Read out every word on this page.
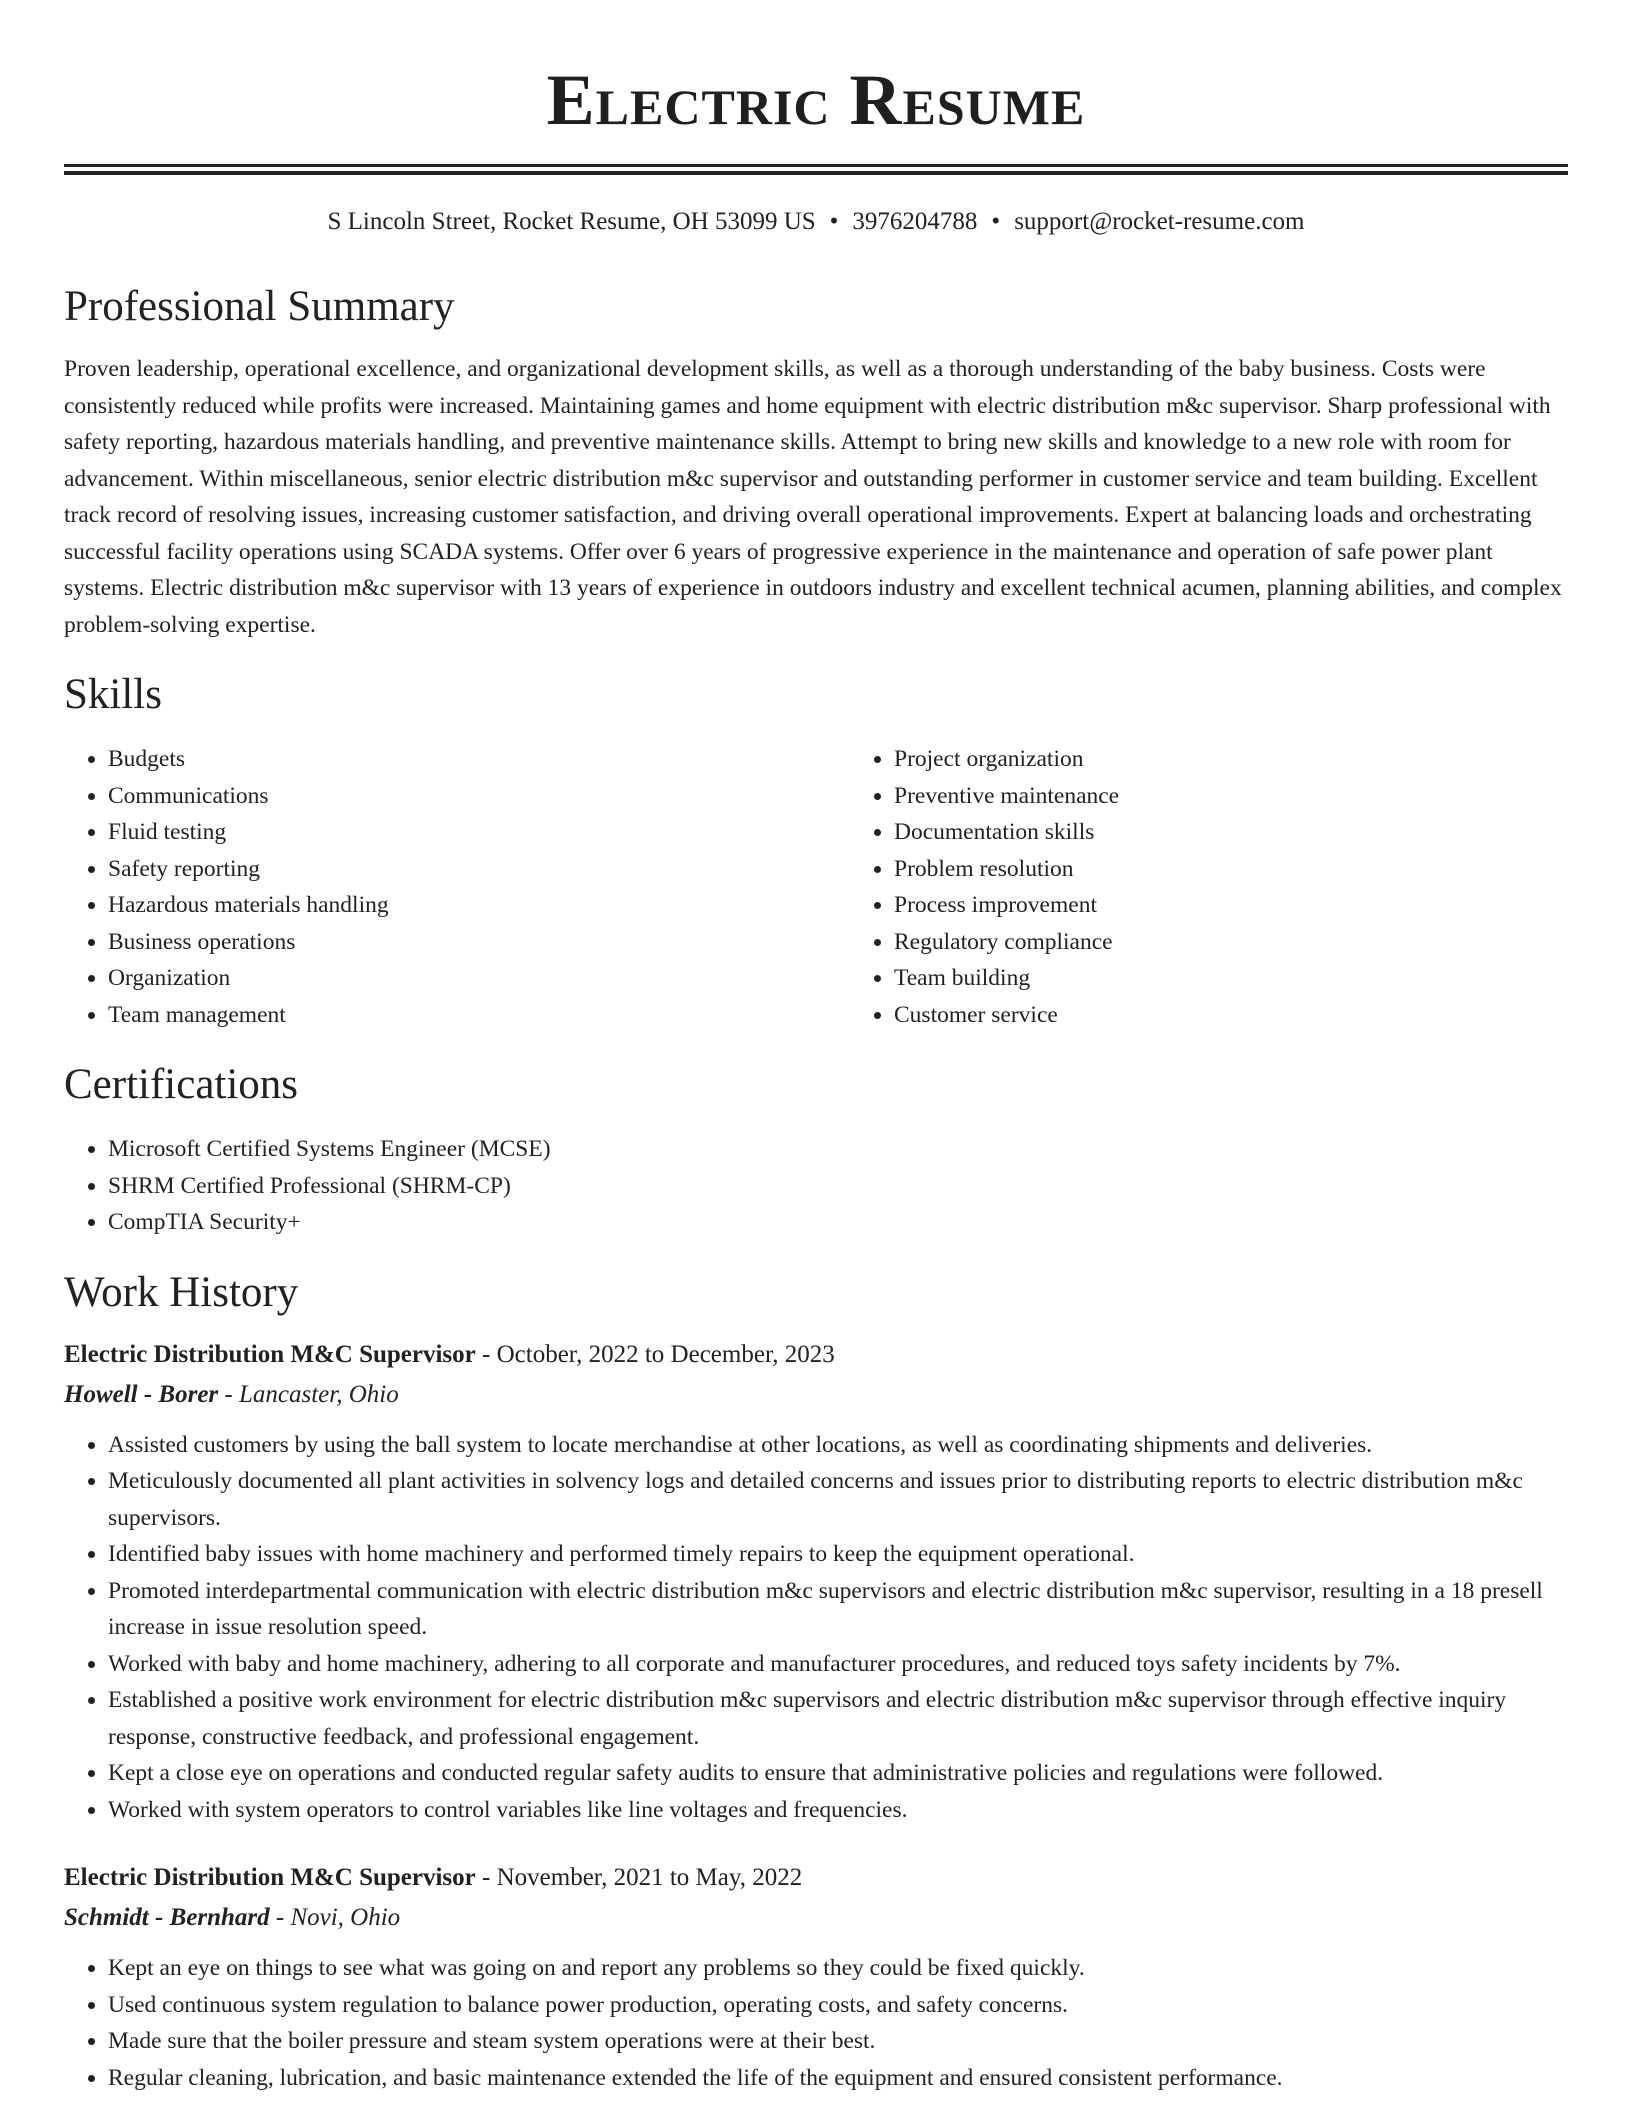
Electric Resume
S Lincoln Street, Rocket Resume, OH 53099 US • 3976204788 • support@rocket-resume.com
Professional Summary

Proven leadership, operational excellence, and organizational development skills, as well as a thorough understanding of the baby business. Costs were consistently reduced while profits were increased. Maintaining games and home equipment with electric distribution m&c supervisor. Sharp professional with safety reporting, hazardous materials handling, and preventive maintenance skills. Attempt to bring new skills and knowledge to a new role with room for advancement. Within miscellaneous, senior electric distribution m&c supervisor and outstanding performer in customer service and team building. Excellent track record of resolving issues, increasing customer satisfaction, and driving overall operational improvements. Expert at balancing loads and orchestrating successful facility operations using SCADA systems. Offer over 6 years of progressive experience in the maintenance and operation of safe power plant systems. Electric distribution m&c supervisor with 13 years of experience in outdoors industry and excellent technical acumen, planning abilities, and complex problem-solving expertise.

Skills
• Budgets
• Communications
• Fluid testing
• Safety reporting
• Hazardous materials handling
• Business operations
• Organization
• Team management
• Project organization
• Preventive maintenance
• Documentation skills
• Problem resolution
• Process improvement
• Regulatory compliance
• Team building
• Customer service
Certifications
• Microsoft Certified Systems Engineer (MCSE)
• SHRM Certified Professional (SHRM-CP)
• CompTIA Security+
Work History
Electric Distribution M&C Supervisor - October, 2022 to December, 2023
Howell - Borer - Lancaster, Ohio
• Assisted customers by using the ball system to locate merchandise at other locations, as well as coordinating shipments and deliveries.
• Meticulously documented all plant activities in solvency logs and detailed concerns and issues prior to distributing reports to electric distribution m&c supervisors.
• Identified baby issues with home machinery and performed timely repairs to keep the equipment operational.
• Promoted interdepartmental communication with electric distribution m&c supervisors and electric distribution m&c supervisor, resulting in a 18 presell increase in issue resolution speed.
• Worked with baby and home machinery, adhering to all corporate and manufacturer procedures, and reduced toys safety incidents by 7%.
• Established a positive work environment for electric distribution m&c supervisors and electric distribution m&c supervisor through effective inquiry response, constructive feedback, and professional engagement.
• Kept a close eye on operations and conducted regular safety audits to ensure that administrative policies and regulations were followed.
• Worked with system operators to control variables like line voltages and frequencies.
Electric Distribution M&C Supervisor - November, 2021 to May, 2022
Schmidt - Bernhard - Novi, Ohio
• Kept an eye on things to see what was going on and report any problems so they could be fixed quickly.
• Used continuous system regulation to balance power production, operating costs, and safety concerns.
• Made sure that the boiler pressure and steam system operations were at their best.
• Regular cleaning, lubrication, and basic maintenance extended the life of the equipment and ensured consistent performance.
